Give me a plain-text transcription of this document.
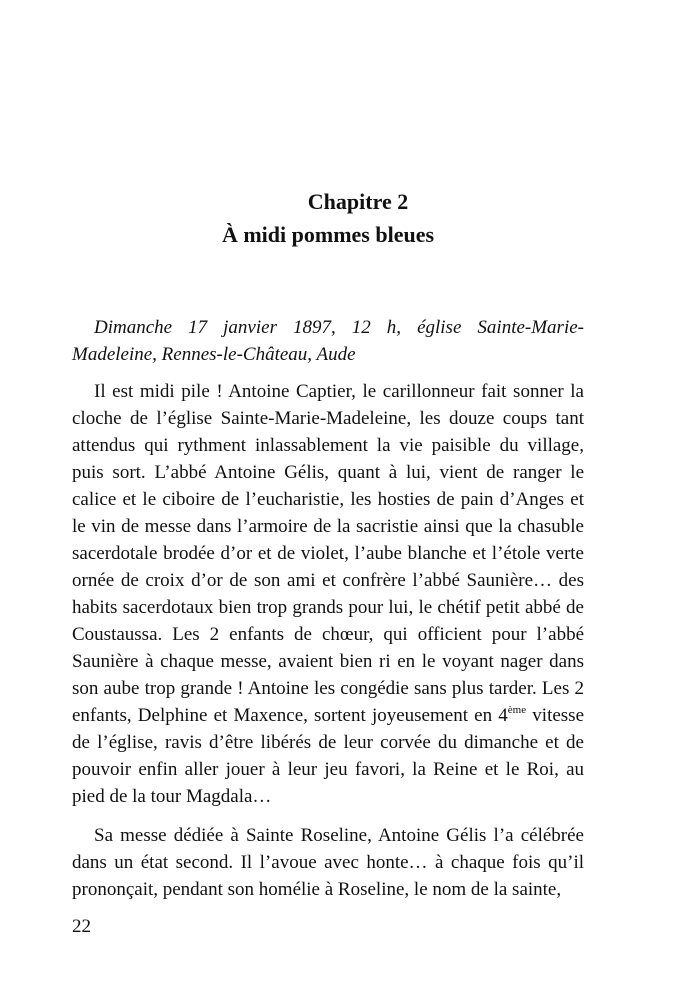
Chapitre 2
À midi pommes bleues

Dimanche 17 janvier 1897, 12 h, église Sainte-Marie-Madeleine, Rennes-le-Château, Aude

Il est midi pile ! Antoine Captier, le carillonneur fait sonner la cloche de l’église Sainte-Marie-Madeleine, les douze coups tant attendus qui rythment inlassablement la vie paisible du village, puis sort. L’abbé Antoine Gélis, quant à lui, vient de ranger le calice et le ciboire de l’eucharistie, les hosties de pain d’Anges et le vin de messe dans l’armoire de la sacristie ainsi que la chasuble sacerdotale brodée d’or et de violet, l’aube blanche et l’étole verte ornée de croix d’or de son ami et confrère l’abbé Saunière… des habits sacerdotaux bien trop grands pour lui, le chétif petit abbé de Coustaussa. Les 2 enfants de chœur, qui officient pour l’abbé Saunière à chaque messe, avaient bien ri en le voyant nager dans son aube trop grande ! Antoine les congédie sans plus tarder. Les 2 enfants, Delphine et Maxence, sortent joyeusement en 4ème vitesse de l’église, ravis d’être libérés de leur corvée du dimanche et de pouvoir enfin aller jouer à leur jeu favori, la Reine et le Roi, au pied de la tour Magdala…

Sa messe dédiée à Sainte Roseline, Antoine Gélis l’a célébrée dans un état second. Il l’avoue avec honte… à chaque fois qu’il prononçait, pendant son homélie à Roseline, le nom de la sainte,

22
